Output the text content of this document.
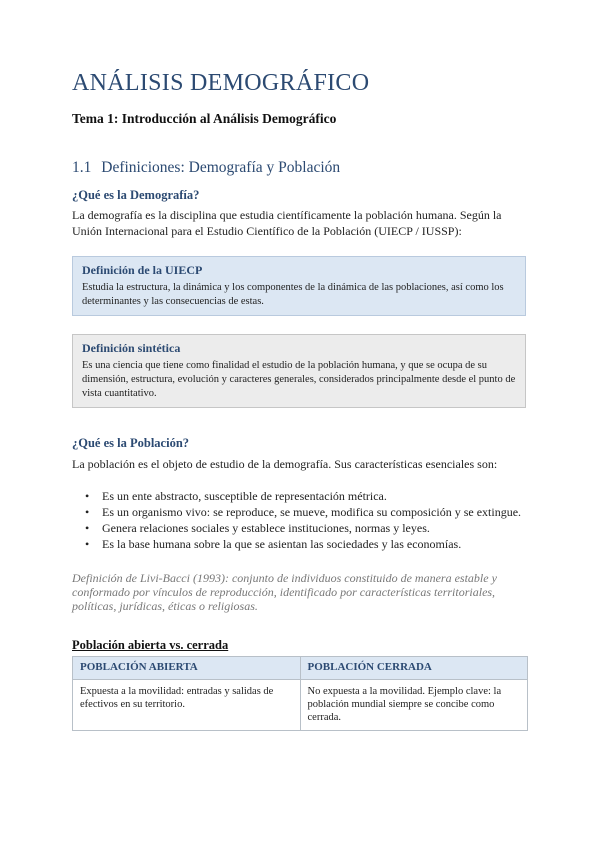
ANÁLISIS DEMOGRÁFICO

Tema 1: Introducción al Análisis Demográfico

1.1 Definiciones: Demografía y Población
¿Qué es la Demografía?

La demografía es la disciplina que estudia científicamente la población humana. Según la Unión Internacional para el Estudio Científico de la Población (UIECP / IUSSP):

Definición de la UIECP

Estudia la estructura, la dinámica y los componentes de la dinámica de las poblaciones, así como los determinantes y las consecuencias de estas.

Definición sintética

Es una ciencia que tiene como finalidad el estudio de la población humana, y que se ocupa de su dimensión, estructura, evolución y caracteres generales, considerados principalmente desde el punto de vista cuantitativo.

¿Qué es la Población?

La población es el objeto de estudio de la demografía. Sus características esenciales son:

• Es un ente abstracto, susceptible de representación métrica.
• Es un organismo vivo: se reproduce, se mueve, modifica su composición y se extingue.
• Genera relaciones sociales y establece instituciones, normas y leyes.
• Es la base humana sobre la que se asientan las sociedades y las economías.

Definición de Livi-Bacci (1993): conjunto de individuos constituido de manera estable y conformado por vínculos de reproducción, identificado por características territoriales, políticas, jurídicas, éticas o religiosas.

Población abierta vs. cerrada

POBLACIÓN ABIERTA	POBLACIÓN CERRADA
Expuesta a la movilidad: entradas y salidas de efectivos en su territorio.	No expuesta a la movilidad. Ejemplo clave: la población mundial siempre se concibe como cerrada.
